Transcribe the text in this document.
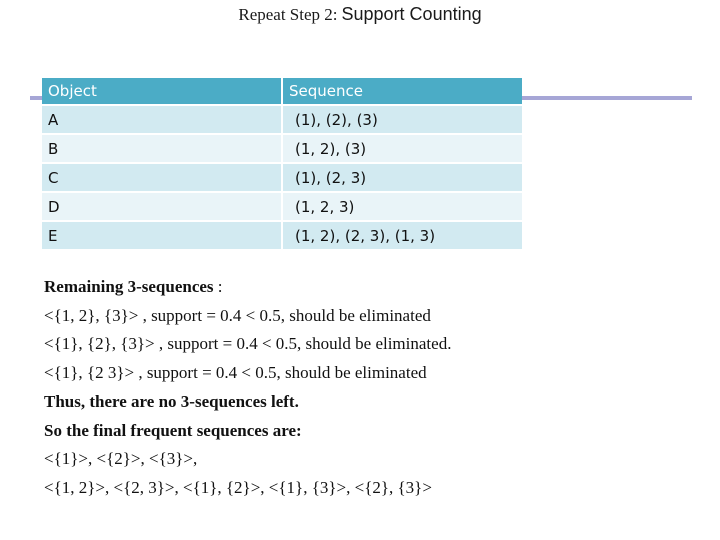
Repeat Step 2: Support Counting
Object	Sequence
A	(1), (2), (3)
B	(1, 2), (3)
C	(1), (2, 3)
D	(1, 2, 3)
E	(1, 2), (2, 3), (1, 3)
Remaining 3-sequences :
<{1, 2}, {3}> , support = 0.4 < 0.5, should be eliminated
<{1}, {2}, {3}> , support = 0.4 < 0.5, should be eliminated.
<{1}, {2 3}> , support = 0.4 < 0.5, should be eliminated
Thus, there are no 3-sequences left.
So the final frequent sequences are:
<{1}>, <{2}>, <{3}>,
<{1, 2}>, <{2, 3}>, <{1}, {2}>, <{1}, {3}>, <{2}, {3}>
